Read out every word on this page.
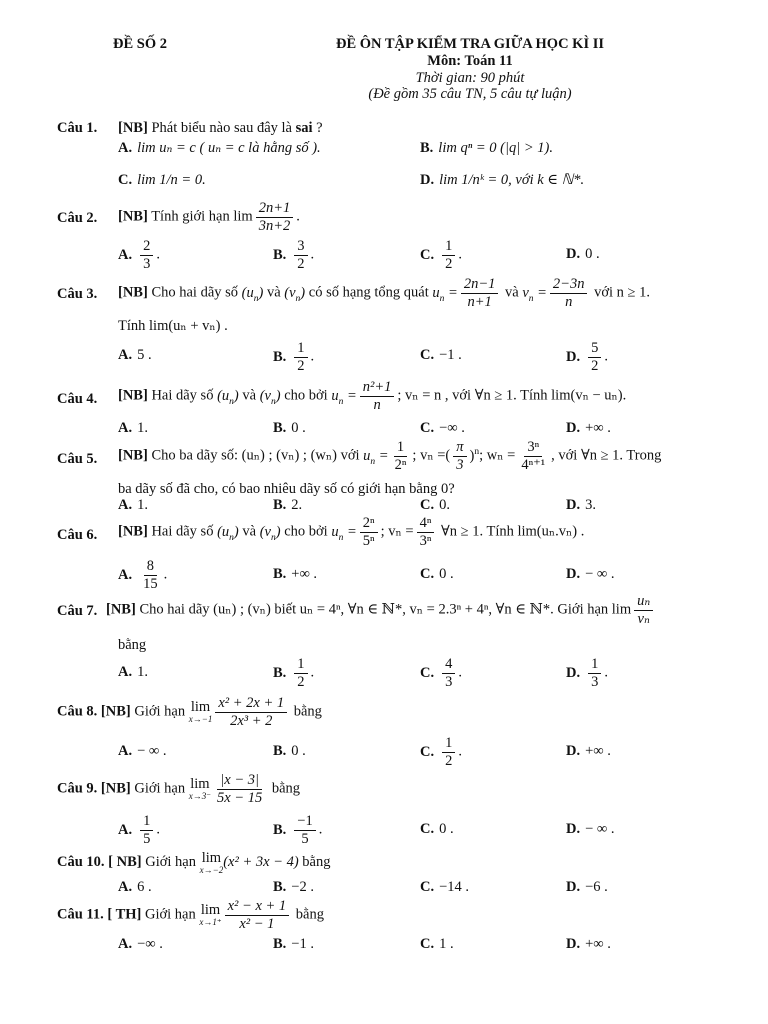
ĐỀ SỐ 2	ĐỀ ÔN TẬP KIỂM TRA GIỮA HỌC KÌ II
Môn: Toán 11
Thời gian: 90 phút
(Đề gồm 35 câu TN, 5 câu tự luận)
Câu 1. [NB] Phát biểu nào sau đây là sai ?
A. lim uₙ = c ( uₙ = c là hằng số ).	B. lim qⁿ = 0 (|q| > 1).
C. lim 1/n = 0.	D. lim 1/nᵏ = 0, với k ∈ ℕ*.
Câu 2. [NB] Tính giới hạn $\lim \frac{2n+1}{3n+2}$ .
A. $\frac{2}{3}$ .	B. $\frac{3}{2}$ .	C. $\frac{1}{2}$ .	D. 0 .
Câu 3. [NB] Cho hai dãy số $(u_n)$ và $(v_n)$ có số hạng tổng quát $u_n = \frac{2n-1}{n+1}$ và $v_n = \frac{2-3n}{n}$ với n ≥ 1.
Tính lim(uₙ + vₙ) .
A. 5 .	B. $\frac{1}{2}$ .	C. −1 .	D. $\frac{5}{2}$ .
Câu 4. [NB] Hai dãy số $(u_n)$ và $(v_n)$ cho bởi $u_n = \frac{\text{n²+1}}{n}$ ; vₙ = n , với ∀n ≥ 1. Tính lim(vₙ − uₙ).
A. 1.	B. 0 .	C. −∞ .	D. +∞ .
Câu 5. [NB] Cho ba dãy số: (uₙ) ; (vₙ) ; (wₙ) với $u_n = \frac{1}{\text{2ⁿ}}$ ; vₙ =( $\frac{\pi}{3} )^n$; $w_n = \frac{\text{3ⁿ}}{\text{4ⁿ⁺¹}}$ , với ∀n ≥ 1. Trong
ba dãy số đã cho, có bao nhiêu dãy số có giới hạn bằng 0?
A. 1.	B. 2.	C. 0.	D. 3.
Câu 6. [NB] Hai dãy số $(u_n)$ và $(v_n)$ cho bởi $u_n = \frac{\text{2ⁿ}}{\text{5ⁿ}}$ ; $v_n = \frac{\text{4ⁿ}}{\text{3ⁿ}}$ ∀n ≥ 1. Tính lim(uₙ.vₙ) .
A. $\frac{8}{15}$ .	B. +∞ .	C. 0 .	D. − ∞ .
Câu 7. [NB] Cho hai dãy (uₙ) ; (vₙ) biết uₙ = 4ⁿ, ∀n ∈ ℕ*, vₙ = 2.3ⁿ + 4ⁿ, ∀n ∈ ℕ*. Giới hạn $\lim \frac{\text{uₙ}}{\text{vₙ}}$
bằng
A. 1.	B. $\frac{1}{2}$ .	C. $\frac{4}{3}$ .	D. $\frac{1}{3}$ .
Câu 8. [NB] Giới hạn lim
$x\to-1 \frac{\text{x² + 2x + 1}}{\text{2x³ + 2}}$ bằng
A. − ∞ .	B. 0 .	C. $\frac{1}{2}$ .	D. +∞ .
Câu 9. [NB] Giới hạn lim
$x\to 3^- \frac{|x - 3|}{5x - 15}$ bằng
A. $\frac{1}{5}$ .	B. $\frac{-1}{5}$ .	C. 0 .	D. − ∞ .
Câu 10. [ NB] Giới hạn lim
x→−2 (x² + 3x − 4) bằng
A. 6 .	B. −2 .	C. −14 .	D. −6 .
Câu 11. [ TH] Giới hạn lim
$x\to 1^+ \frac{\text{x² − x + 1}}{\text{x² − 1}}$ bằng
A. −∞ .	B. −1 .	C. 1 .	D. +∞ .
